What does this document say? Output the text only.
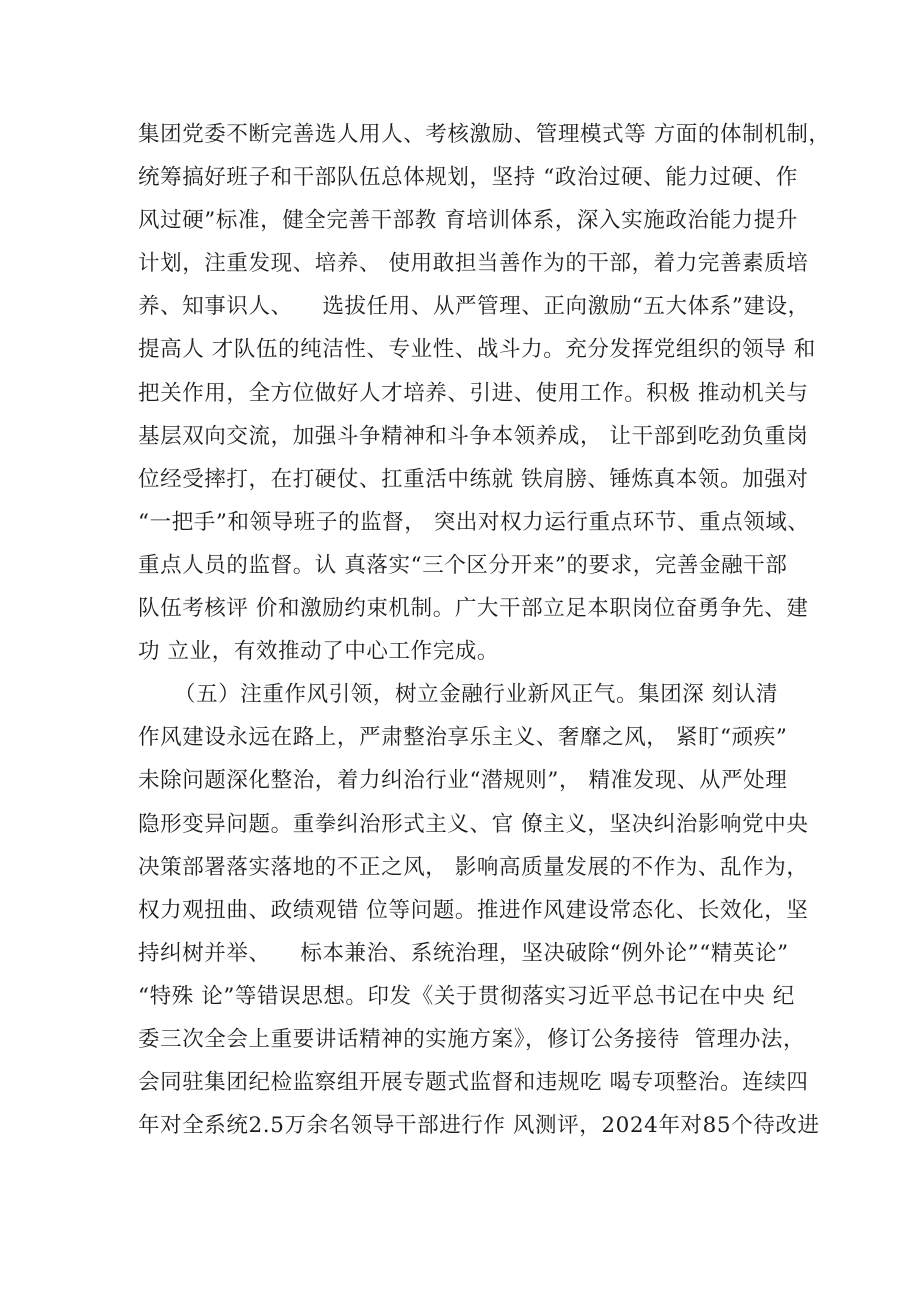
集团党委不断完善选人用人、考核激励、管理模式等 方面的体制机制，
统筹搞好班子和干部队伍总体规划，坚持 “政治过硬、能力过硬、作
风过硬”标准，健全完善干部教 育培训体系，深入实施政治能力提升
计划，注重发现、培养、 使用敢担当善作为的干部，着力完善素质培
养、知事识人、    选拔任用、从严管理、正向激励“五大体系”建设，
提高人 才队伍的纯洁性、专业性、战斗力。充分发挥党组织的领导 和
把关作用，全方位做好人才培养、引进、使用工作。积极 推动机关与
基层双向交流，加强斗争精神和斗争本领养成， 让干部到吃劲负重岗
位经受摔打，在打硬仗、扛重活中练就 铁肩膀、锤炼真本领。加强对
“一把手”和领导班子的监督， 突出对权力运行重点环节、重点领域、
重点人员的监督。认 真落实“三个区分开来”的要求，完善金融干部
队伍考核评 价和激励约束机制。广大干部立足本职岗位奋勇争先、建
功 立业，有效推动了中心工作完成。
（五）注重作风引领，树立金融行业新风正气。集团深 刻认清
作风建设永远在路上，严肃整治享乐主义、奢靡之风， 紧盯“顽疾”
未除问题深化整治，着力纠治行业“潜规则”， 精准发现、从严处理
隐形变异问题。重拳纠治形式主义、官 僚主义，坚决纠治影响党中央
决策部署落实落地的不正之风， 影响高质量发展的不作为、乱作为，
权力观扭曲、政绩观错 位等问题。推进作风建设常态化、长效化，坚
持纠树并举、    标本兼治、系统治理，坚决破除“例外论”“精英论”
“特殊 论”等错误思想。印发《关于贯彻落实习近平总书记在中央 纪
委三次全会上重要讲话精神的实施方案》，修订公务接待  管理办法，
会同驻集团纪检监察组开展专题式监督和违规吃 喝专项整治。连续四
年对全系统2.5万余名领导干部进行作 风测评，2024年对85个待改进
